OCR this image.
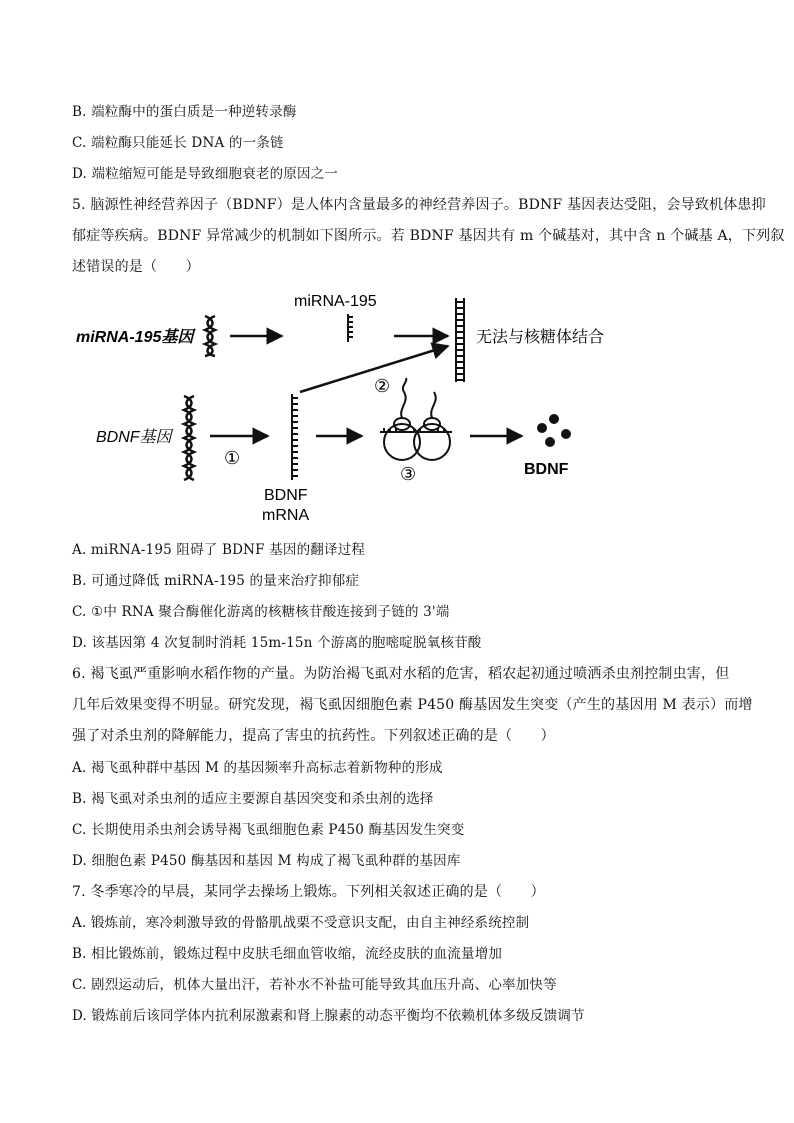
B. 端粒酶中的蛋白质是一种逆转录酶
C. 端粒酶只能延长 DNA 的一条链
D. 端粒缩短可能是导致细胞衰老的原因之一
5. 脑源性神经营养因子（BDNF）是人体内含量最多的神经营养因子。BDNF 基因表达受阻，会导致机体患抑
郁症等疾病。BDNF 异常减少的机制如下图所示。若 BDNF 基因共有 m 个碱基对，其中含 n 个碱基 A，下列叙
述错误的是（　　）
miRNA-195基因
miRNA-195
无法与核糖体结合
②
BDNF基因
①
BDNF
mRNA
③	BDNF
A. miRNA-195 阻碍了 BDNF 基因的翻译过程
B. 可通过降低 miRNA-195 的量来治疗抑郁症
C. ①中 RNA 聚合酶催化游离的核糖核苷酸连接到子链的 3'端
D. 该基因第 4 次复制时消耗 15m-15n 个游离的胞嘧啶脱氧核苷酸
6. 褐飞虱严重影响水稻作物的产量。为防治褐飞虱对水稻的危害，稻农起初通过喷洒杀虫剂控制虫害，但
几年后效果变得不明显。研究发现，褐飞虱因细胞色素 P450 酶基因发生突变（产生的基因用 M 表示）而增
强了对杀虫剂的降解能力，提高了害虫的抗药性。下列叙述正确的是（　　）
A. 褐飞虱种群中基因 M 的基因频率升高标志着新物种的形成
B. 褐飞虱对杀虫剂的适应主要源自基因突变和杀虫剂的选择
C. 长期使用杀虫剂会诱导褐飞虱细胞色素 P450 酶基因发生突变
D. 细胞色素 P450 酶基因和基因 M 构成了褐飞虱种群的基因库
7. 冬季寒冷的早晨，某同学去操场上锻炼。下列相关叙述正确的是（　　）
A. 锻炼前，寒冷刺激导致的骨骼肌战栗不受意识支配，由自主神经系统控制
B. 相比锻炼前，锻炼过程中皮肤毛细血管收缩，流经皮肤的血流量增加
C. 剧烈运动后，机体大量出汗，若补水不补盐可能导致其血压升高、心率加快等
D. 锻炼前后该同学体内抗利尿激素和肾上腺素的动态平衡均不依赖机体多级反馈调节
